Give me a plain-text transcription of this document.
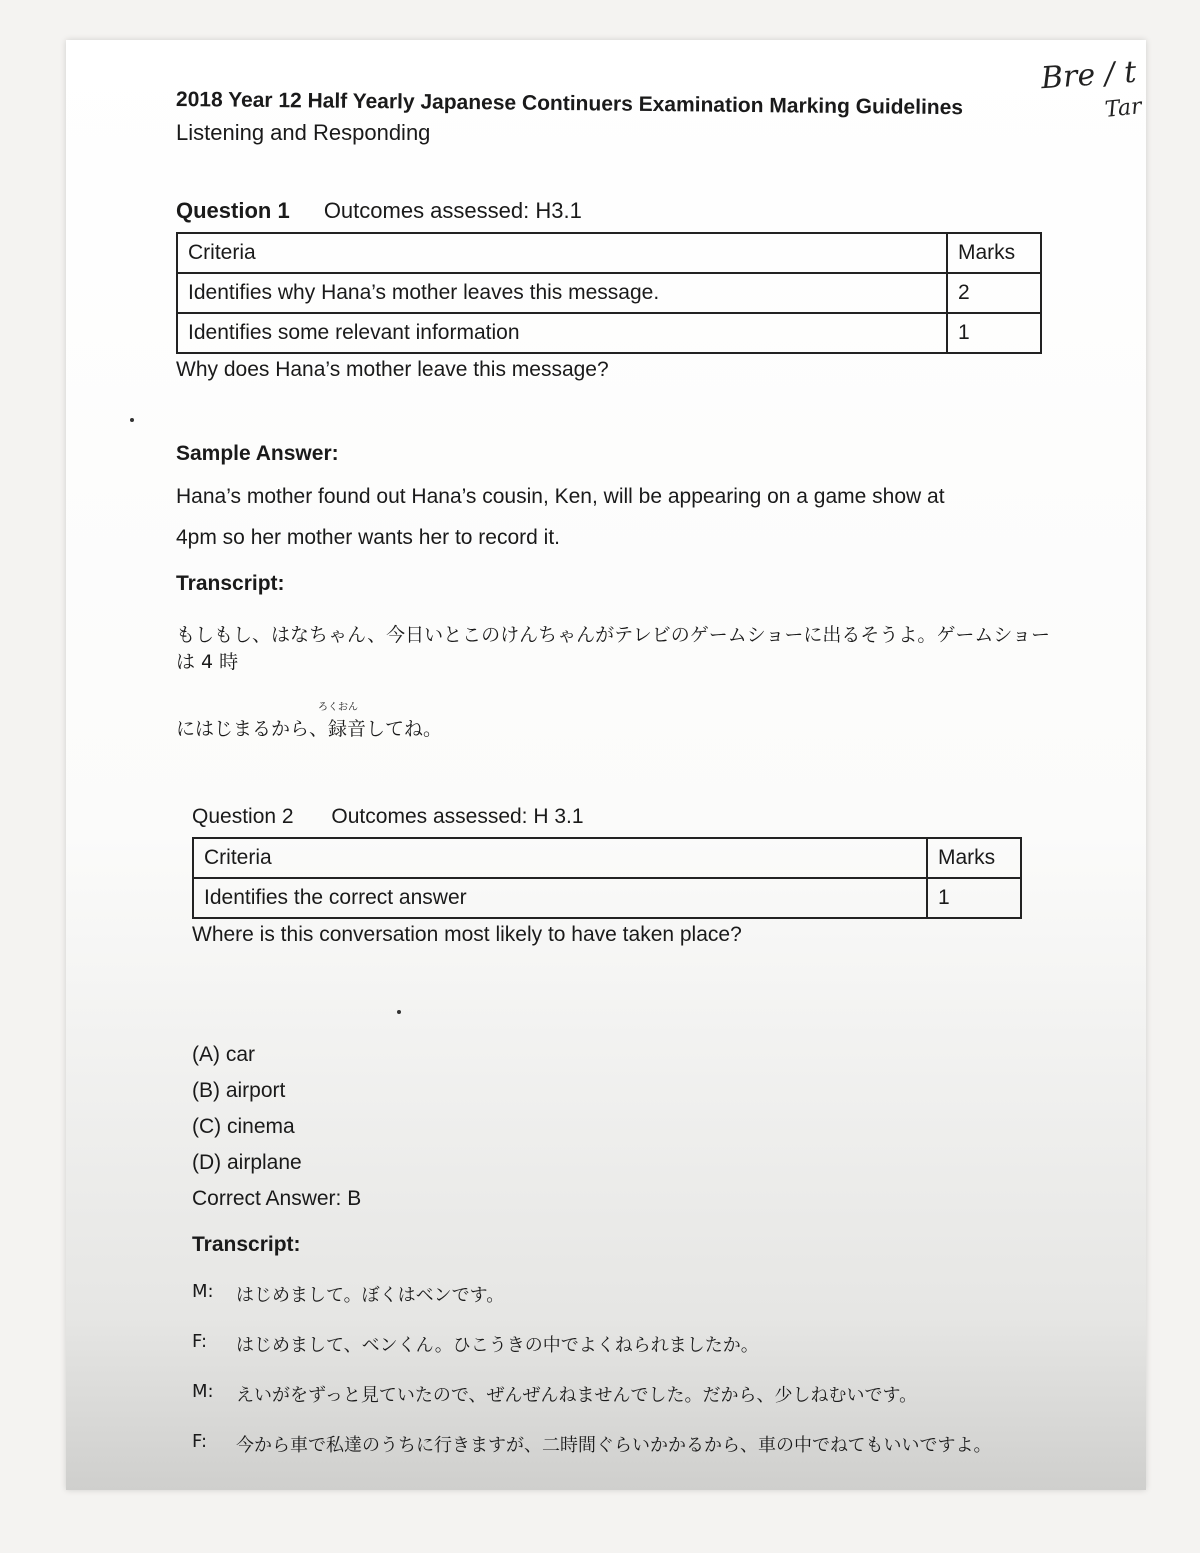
Bre / t
Tar
2018 Year 12 Half Yearly Japanese Continuers Examination Marking Guidelines
Listening and Responding
Question 1 Outcomes assessed: H3.1
Criteria	Marks
Identifies why Hana’s mother leaves this message.	2
Identifies some relevant information	1
Why does Hana’s mother leave this message?
Sample Answer:
Hana’s mother found out Hana’s cousin, Ken, will be appearing on a game show at
4pm so her mother wants her to record it.
Transcript:
もしもし、はなちゃん、今日いとこのけんちゃんがテレビのゲームショーに出るそうよ。ゲームショーは 4 時
ろくおん
にはじまるから、録音してね。
Question 2 Outcomes assessed: H 3.1
Criteria	Marks
Identifies the correct answer	1
Where is this conversation most likely to have taken place?
(A) car
(B) airport
(C) cinema
(D) airplane
Correct Answer: B
Transcript:
M:	はじめまして。ぼくはベンです。
F:	はじめまして、ベンくん。ひこうきの中でよくねられましたか。
M:	えいがをずっと見ていたので、ぜんぜんねませんでした。だから、少しねむいです。
F:	今から車で私達のうちに行きますが、二時間ぐらいかかるから、車の中でねてもいいですよ。
